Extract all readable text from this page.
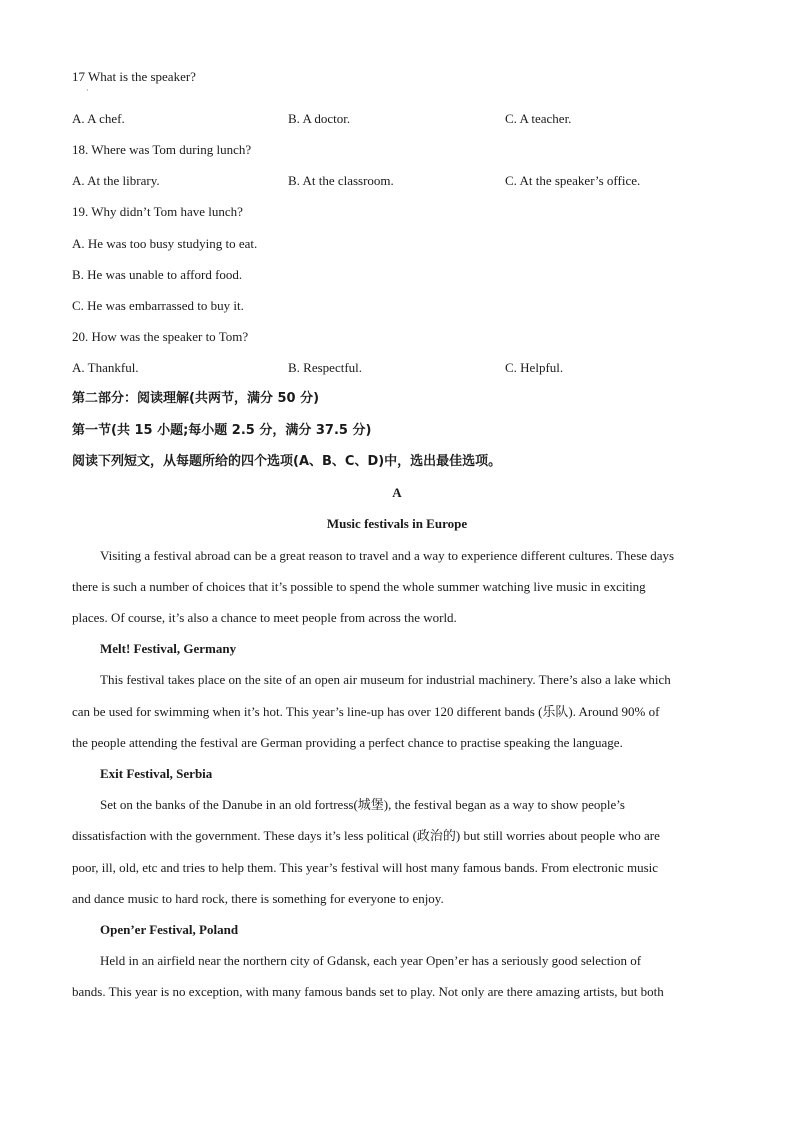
17 What is the speaker?
·
A. A chef.	B. A doctor.	C. A teacher.
18. Where was Tom during lunch?
A. At the library.	B. At the classroom.	C. At the speaker’s office.
19. Why didn’t Tom have lunch?
A. He was too busy studying to eat.
B. He was unable to afford food.
C. He was embarrassed to buy it.
20. How was the speaker to Tom?
A. Thankful.	B. Respectful.	C. Helpful.
第二部分：阅读理解(共两节，满分 50 分)
第一节(共 15 小题;每小题 2.5 分，满分 37.5 分)
阅读下列短文，从每题所给的四个选项(A、B、C、D)中，选出最佳选项。
A
Music festivals in Europe
Visiting a festival abroad can be a great reason to travel and a way to experience different cultures. These days
there is such a number of choices that it’s possible to spend the whole summer watching live music in exciting
places. Of course, it’s also a chance to meet people from across the world.
Melt! Festival, Germany
This festival takes place on the site of an open air museum for industrial machinery. There’s also a lake which
can be used for swimming when it’s hot. This year’s line-up has over 120 different bands (乐队). Around 90% of
the people attending the festival are German providing a perfect chance to practise speaking the language.
Exit Festival, Serbia
Set on the banks of the Danube in an old fortress(城堡), the festival began as a way to show people’s
dissatisfaction with the government. These days it’s less political (政治的) but still worries about people who are
poor, ill, old, etc and tries to help them. This year’s festival will host many famous bands. From electronic music
and dance music to hard rock, there is something for everyone to enjoy.
Open’er Festival, Poland
Held in an airfield near the northern city of Gdansk, each year Open’er has a seriously good selection of
bands. This year is no exception, with many famous bands set to play. Not only are there amazing artists, but both
